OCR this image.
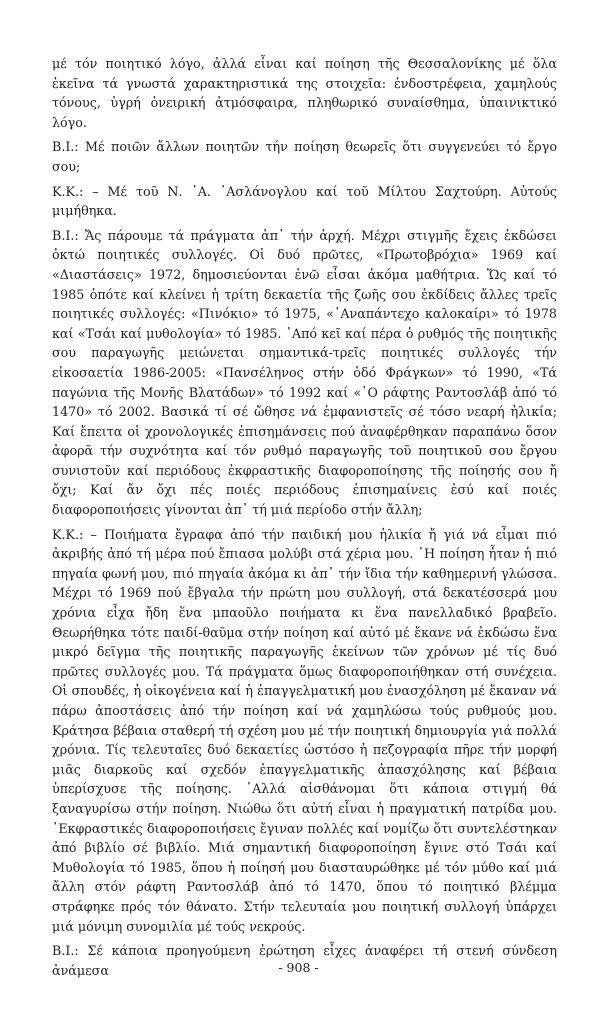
μέ τόν ποιητικό λόγο, ἀλλά εἶναι καί ποίηση τῆς Θεσσαλονίκης μέ ὅλα ἐκεῖνα τά γνωστά χαρακτηριστικά της στοιχεῖα: ἐνδοστρέφεια, χαμηλούς τόνους, ὑγρή ὀνειρική ἀτμόσφαιρα, πληθωρικό συναίσθημα, ὑπαινικτικό λόγο.

Β.Ι.: Μέ ποιῶν ἄλλων ποιητῶν τήν ποίηση θεωρεῖς ὅτι συγγενεύει τό ἔργο σου;

Κ.Κ.: – Μέ τοῦ Ν. ᾿Α. ᾿Ασλάνογλου καί τοῦ Μίλτου Σαχτούρη. Αὐτούς μιμήθηκα.

Β.Ι.: Ἄς πάρουμε τά πράγματα ἀπ᾿ τήν ἀρχή. Μέχρι στιγμῆς ἔχεις ἐκδώσει ὀκτώ ποιητικές συλλογές. Οἱ δυό πρῶτες, «Πρωτοβρόχια» 1969 καί «Διαστάσεις» 1972, δημοσιεύονται ἐνῶ εἶσαι ἀκόμα μαθήτρια. Ὥς καί τό 1985 ὁπότε καί κλείνει ἡ τρίτη δεκαετία τῆς ζωῆς σου ἐκδίδεις ἄλλες τρεῖς ποιητικές συλλογές: «Πινόκιο» τό 1975, «᾿Αναπάντεχο καλοκαίρι» τό 1978 καί «Τσάι καί μυθολογία» τό 1985. ᾿Από κεῖ καί πέρα ὁ ρυθμός τῆς ποιητικῆς σου παραγωγῆς μειώνεται σημαντικά-τρεῖς ποιητικές συλλογές τήν εἰκοσαετία 1986-2005: «Πανσέληνος στήν ὁδό Φράγκων» τό 1990, «Τά παγώνια τῆς Μονῆς Βλατάδων» τό 1992 καί «῾Ο ράφτης Ραντοσλάβ ἀπό τό 1470» τό 2002. Βασικά τί σέ ὤθησε νά ἐμφανιστεῖς σέ τόσο νεαρή ἡλικία; Καί ἔπειτα οἱ χρονολογικές ἐπισημάνσεις πού ἀναφέρθηκαν παραπάνω ὅσον ἀφορᾶ τήν συχνότητα καί τόν ρυθμό παραγωγῆς τοῦ ποιητικοῦ σου ἔργου συνιστοῦν καί περιόδους ἐκφραστικῆς διαφοροποίησης τῆς ποίησής σου ἤ ὄχι; Καί ἄν ὄχι πές ποιές περιόδους ἐπισημαίνεις ἐσύ καί ποιές διαφοροποιήσεις γίνονται ἀπ᾿ τή μιά περίοδο στήν ἄλλη;

Κ.Κ.: – Ποιήματα ἔγραφα ἀπό τήν παιδική μου ἡλικία ἤ γιά νά εἶμαι πιό ἀκριβής ἀπό τή μέρα πού ἔπιασα μολύβι στά χέρια μου. ῾Η ποίηση ἦταν ἡ πιό πηγαία φωνή μου, πιό πηγαία ἀκόμα κι ἀπ᾿ τήν ἴδια τήν καθημερινή γλώσσα. Μέχρι τό 1969 πού ἔβγαλα τήν πρώτη μου συλλογή, στά δεκατέσσερά μου χρόνια εἶχα ἤδη ἕνα μπαοῦλο ποιήματα κι ἕνα πανελλαδικό βραβεῖο. Θεωρήθηκα τότε παιδί-θαῦμα στήν ποίηση καί αὐτό μέ ἔκανε νά ἐκδώσω ἕνα μικρό δεῖγμα τῆς ποιητικῆς παραγωγῆς ἐκείνων τῶν χρόνων μέ τίς δυό πρῶτες συλλογές μου. Τά πράγματα ὅμως διαφοροποιήθηκαν στή συνέχεια. Οἱ σπουδές, ἡ οἰκογένεια καί ἡ ἐπαγγελματική μου ἐνασχόληση μέ ἔκαναν νά πάρω ἀποστάσεις ἀπό τήν ποίηση καί νά χαμηλώσω τούς ρυθμούς μου. Κράτησα βέβαια σταθερή τή σχέση μου μέ τήν ποιητική δημιουργία γιά πολλά χρόνια. Τίς τελευταῖες δυό δεκαετίες ὡστόσο ἡ πεζογραφία πῆρε τήν μορφή μιᾶς διαρκοῦς καί σχεδόν ἐπαγγελματικῆς ἀπασχόλησης καί βέβαια ὑπερίσχυσε τῆς ποίησης. ᾿Αλλά αἰσθάνομαι ὅτι κάποια στιγμή θά ξαναγυρίσω στήν ποίηση. Νιώθω ὅτι αὐτή εἶναι ἡ πραγματική πατρίδα μου. ᾿Εκφραστικές διαφοροποιήσεις ἔγιναν πολλές καί νομίζω ὅτι συντελέστηκαν ἀπό βιβλίο σέ βιβλίο. Μιά σημαντική διαφοροποίηση ἔγινε στό Τσάι καί Μυθολογία τό 1985, ὅπου ἡ ποίησή μου διασταυρώθηκε μέ τόν μύθο καί μιά ἄλλη στόν ράφτη Ραντοσλάβ ἀπό τό 1470, ὅπου τό ποιητικό βλέμμα στράφηκε πρός τόν θάνατο. Στήν τελευταία μου ποιητική συλλογή ὑπάρχει μιά μόνιμη συνομιλία μέ τούς νεκρούς.

Β.Ι.: Σέ κάποια προηγούμενη ἐρώτηση εἶχες ἀναφέρει τή στενή σύνδεση ἀνάμεσα	- 908 -
